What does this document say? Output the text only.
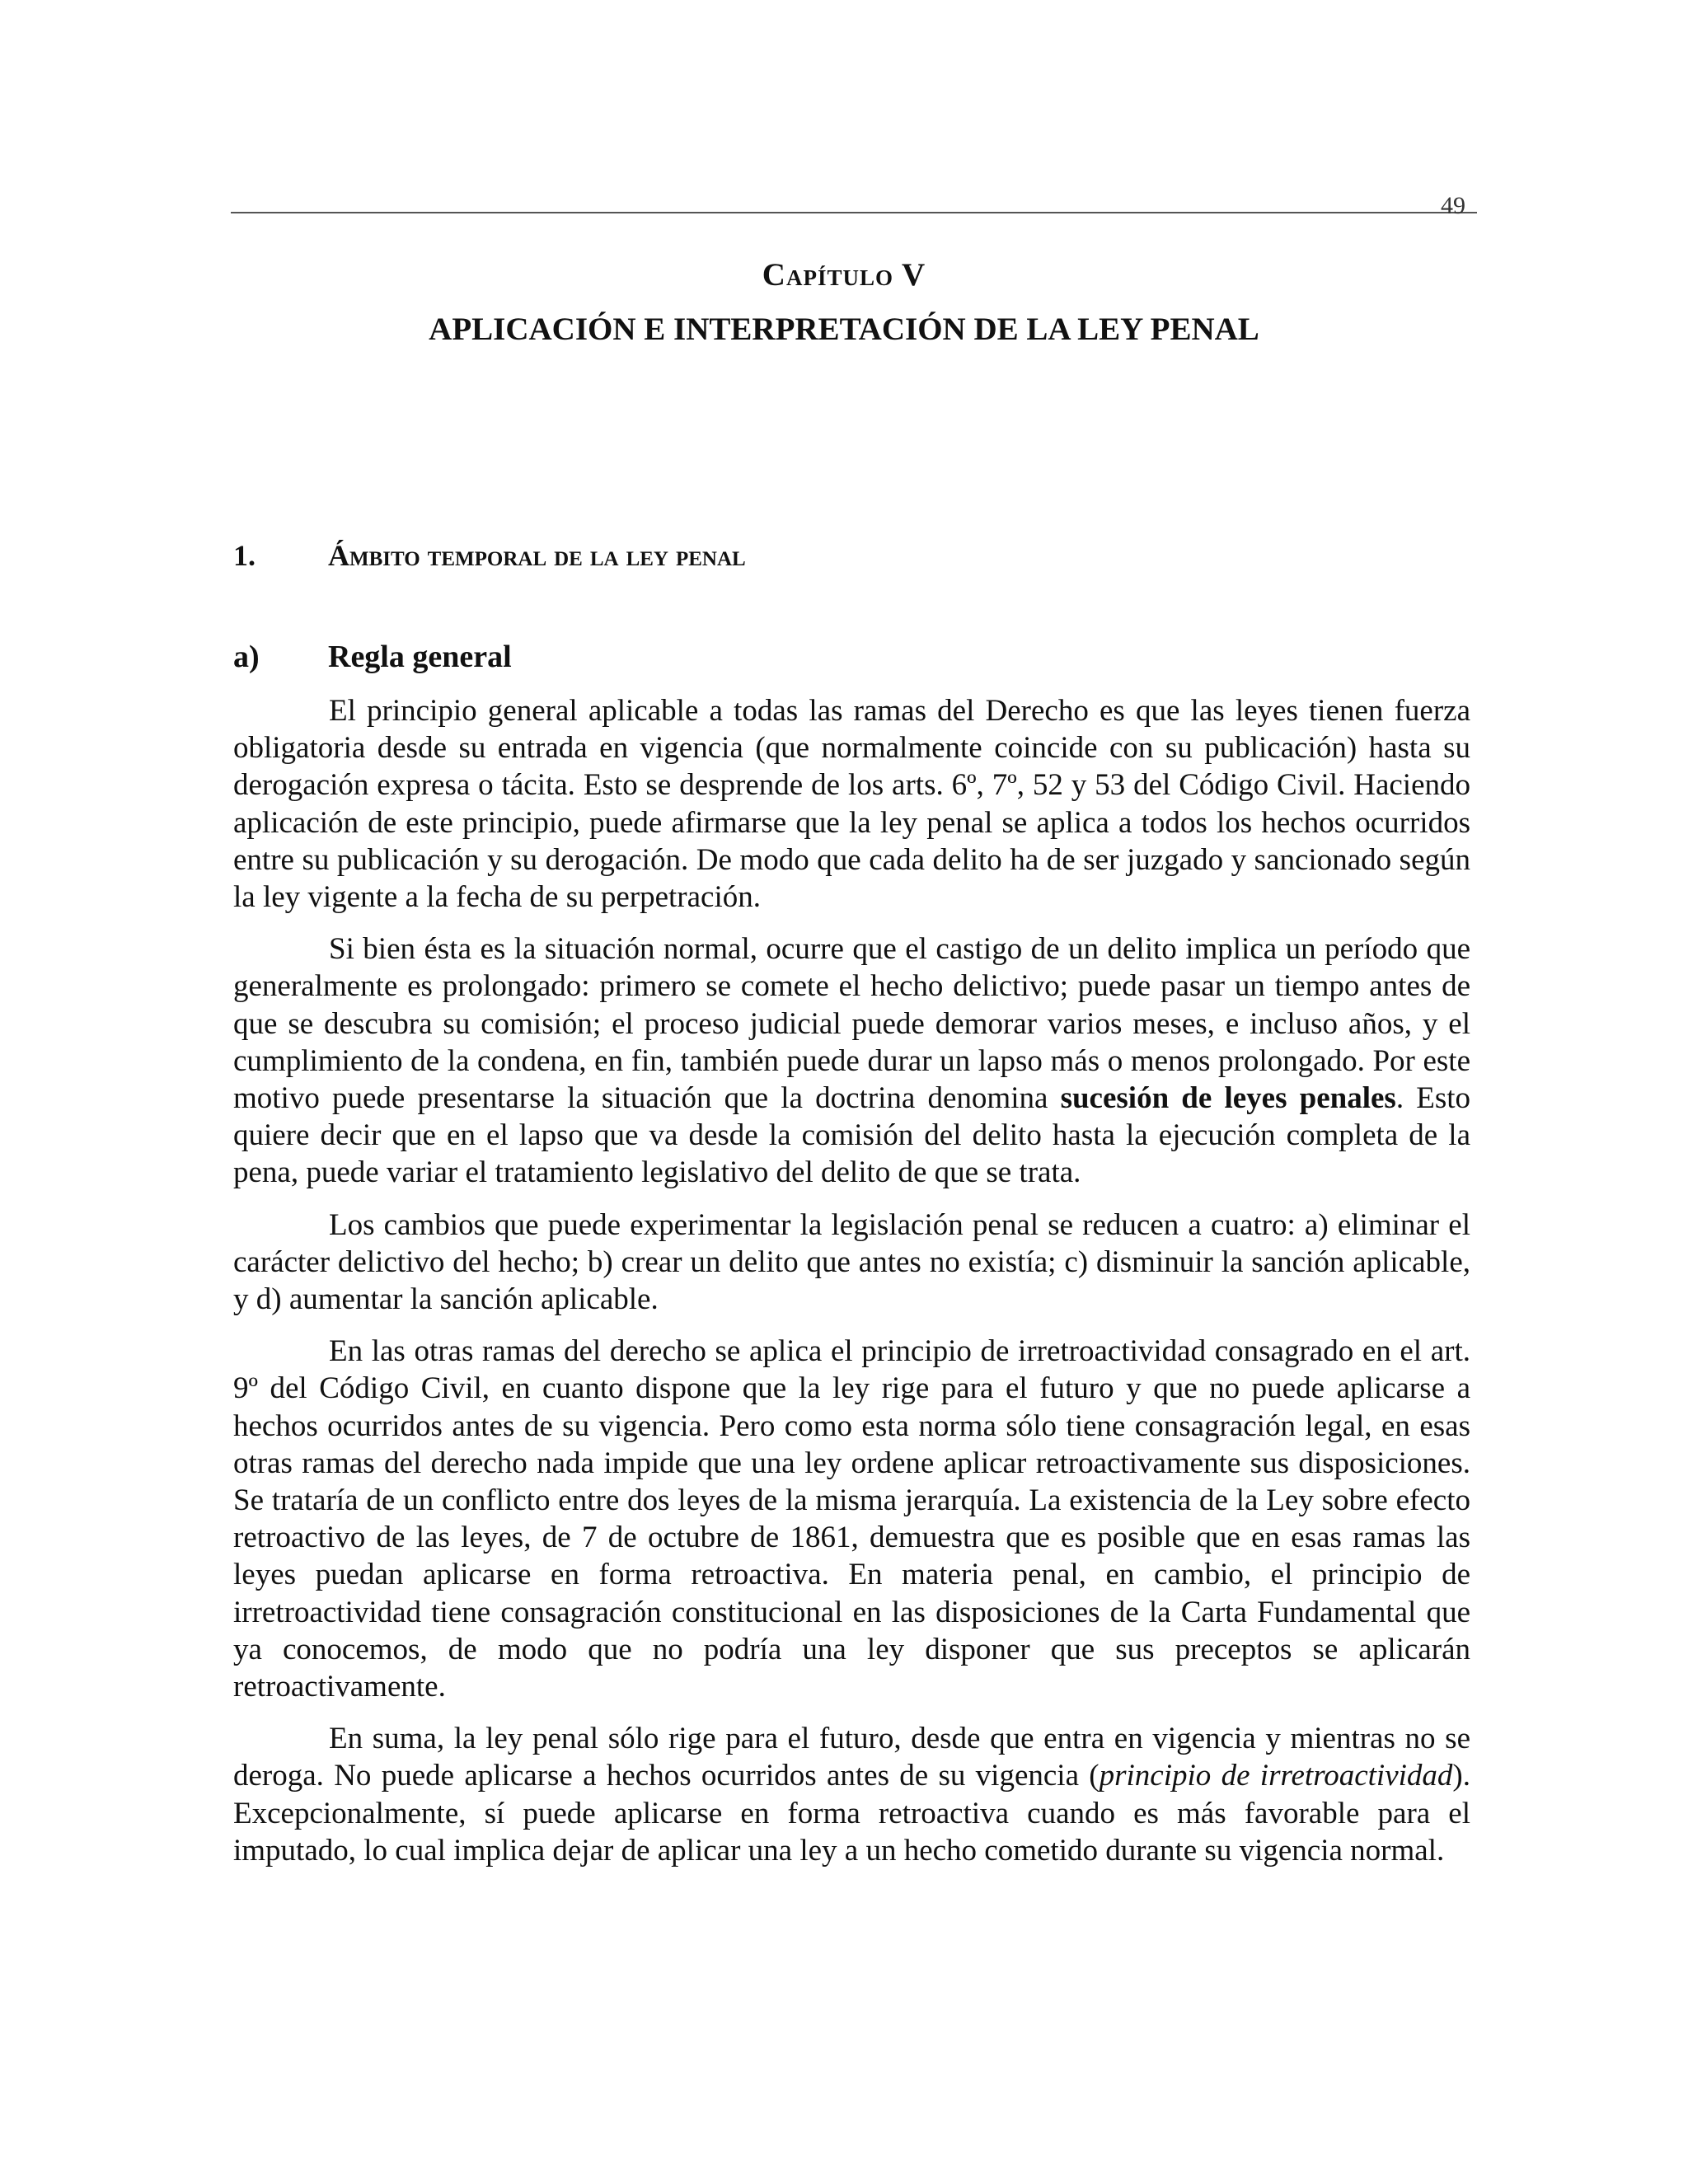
49
Capítulo V
APLICACIÓN E INTERPRETACIÓN DE LA LEY PENAL
1. Ámbito temporal de la ley penal
a) Regla general

El principio general aplicable a todas las ramas del Derecho es que las leyes tienen fuerza obligatoria desde su entrada en vigencia (que normalmente coincide con su publicación) hasta su derogación expresa o tácita. Esto se desprende de los arts. 6º, 7º, 52 y 53 del Código Civil. Haciendo aplicación de este principio, puede afirmarse que la ley penal se aplica a todos los hechos ocurridos entre su publicación y su derogación. De modo que cada delito ha de ser juzgado y sancionado según la ley vigente a la fecha de su perpetración.

Si bien ésta es la situación normal, ocurre que el castigo de un delito implica un período que generalmente es prolongado: primero se comete el hecho delictivo; puede pasar un tiempo antes de que se descubra su comisión; el proceso judicial puede demorar varios meses, e incluso años, y el cumplimiento de la condena, en fin, también puede durar un lapso más o menos prolongado. Por este motivo puede presentarse la situación que la doctrina denomina sucesión de leyes penales. Esto quiere decir que en el lapso que va desde la comisión del delito hasta la ejecución completa de la pena, puede variar el tratamiento legislativo del delito de que se trata.

Los cambios que puede experimentar la legislación penal se reducen a cuatro: a) eliminar el carácter delictivo del hecho; b) crear un delito que antes no existía; c) disminuir la sanción aplicable, y d) aumentar la sanción aplicable.

En las otras ramas del derecho se aplica el principio de irretroactividad consagrado en el art. 9º del Código Civil, en cuanto dispone que la ley rige para el futuro y que no puede aplicarse a hechos ocurridos antes de su vigencia. Pero como esta norma sólo tiene consagración legal, en esas otras ramas del derecho nada impide que una ley ordene aplicar retroactivamente sus disposiciones. Se trataría de un conflicto entre dos leyes de la misma jerarquía. La existencia de la Ley sobre efecto retroactivo de las leyes, de 7 de octubre de 1861, demuestra que es posible que en esas ramas las leyes puedan aplicarse en forma retroactiva. En materia penal, en cambio, el principio de irretroactividad tiene consagración constitucional en las disposiciones de la Carta Fundamental que ya conocemos, de modo que no podría una ley disponer que sus preceptos se aplicarán retroactivamente.

En suma, la ley penal sólo rige para el futuro, desde que entra en vigencia y mientras no se deroga. No puede aplicarse a hechos ocurridos antes de su vigencia (principio de irretroactividad). Excepcionalmente, sí puede aplicarse en forma retroactiva cuando es más favorable para el imputado, lo cual implica dejar de aplicar una ley a un hecho cometido durante su vigencia normal.
